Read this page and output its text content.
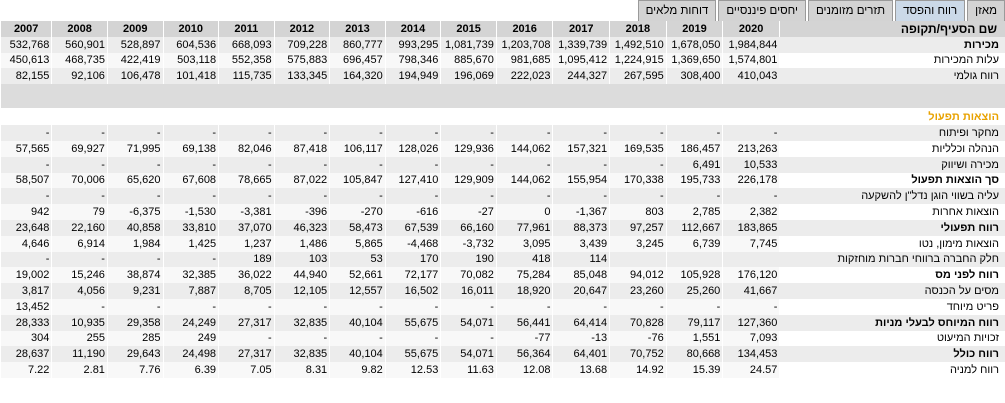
מאזן
רווח והפסד
תזרים מזומנים
יחסים פיננסיים
דוחות מלאים
2007	2008	2009	2010	2011	2012	2013	2014	2015	2016	2017	2018	2019	2020	שם הסעיף/תקופה
532,768	560,901	528,897	604,536	668,093	709,228	860,777	993,295	1,081,739	1,203,708	1,339,739	1,492,510	1,678,050	1,984,844	מכירות
450,613	468,735	422,419	503,118	552,358	575,883	696,457	798,346	885,670	981,685	1,095,412	1,224,915	1,369,650	1,574,801	עלות המכירות
82,155	92,106	106,478	101,418	115,735	133,345	164,320	194,949	196,069	222,023	244,327	267,595	308,400	410,043	רווח גולמי

														הוצאות תפעול
-	-	-	-	-	-	-	-	-	-	-	-	-	-	מחקר ופיתוח
57,565	69,927	71,995	69,138	82,046	87,418	106,117	128,026	129,936	144,062	157,321	169,535	186,457	213,263	הנהלה וכלליות
-	-	-	-	-	-	-	-	-	-	-	-	6,491	10,533	מכירה ושיווק
58,507	70,006	65,620	67,608	78,665	87,022	105,847	127,410	129,909	144,062	155,954	170,338	195,733	226,178	סך הוצאות תפעול
-	-	-	-	-	-	-	-	-	-	-	-	-	-	עליה בשווי הוגן נדל"ן להשקעה
942	79	-6,375	-1,530	-3,381	-396	-270	-616	-27	0	-1,367	803	2,785	2,382	הוצאות אחרות
23,648	22,160	40,858	33,810	37,070	46,323	58,473	67,539	66,160	77,961	88,373	97,257	112,667	183,865	רווח תפעולי
4,646	6,914	1,984	1,425	1,237	1,486	5,865	-4,468	-3,732	3,095	3,439	3,245	6,739	7,745	הוצאות מימון, נטו
-	-	-	-	189	103	53	170	190	418	114				חלק החברה ברווחי חברות מוחזקות
19,002	15,246	38,874	32,385	36,022	44,940	52,661	72,177	70,082	75,284	85,048	94,012	105,928	176,120	רווח לפני מס
3,817	4,056	9,231	7,887	8,705	12,105	12,557	16,502	16,011	18,920	20,647	23,260	25,260	41,667	מסים על הכנסה
13,452	-	-	-	-	-	-	-	-	-	-	-	-	-	פריט מיוחד
28,333	10,935	29,358	24,249	27,317	32,835	40,104	55,675	54,071	56,441	64,414	70,828	79,117	127,360	רווח המיוחס לבעלי מניות
304	255	285	249	-	-	-	-	-	-77	-13	-76	1,551	7,093	זכויות המיעוט
28,637	11,190	29,643	24,498	27,317	32,835	40,104	55,675	54,071	56,364	64,401	70,752	80,668	134,453	רווח כולל
7.22	2.81	7.76	6.39	7.05	8.31	9.82	12.53	11.63	12.08	13.68	14.92	15.39	24.57	רווח למניה
